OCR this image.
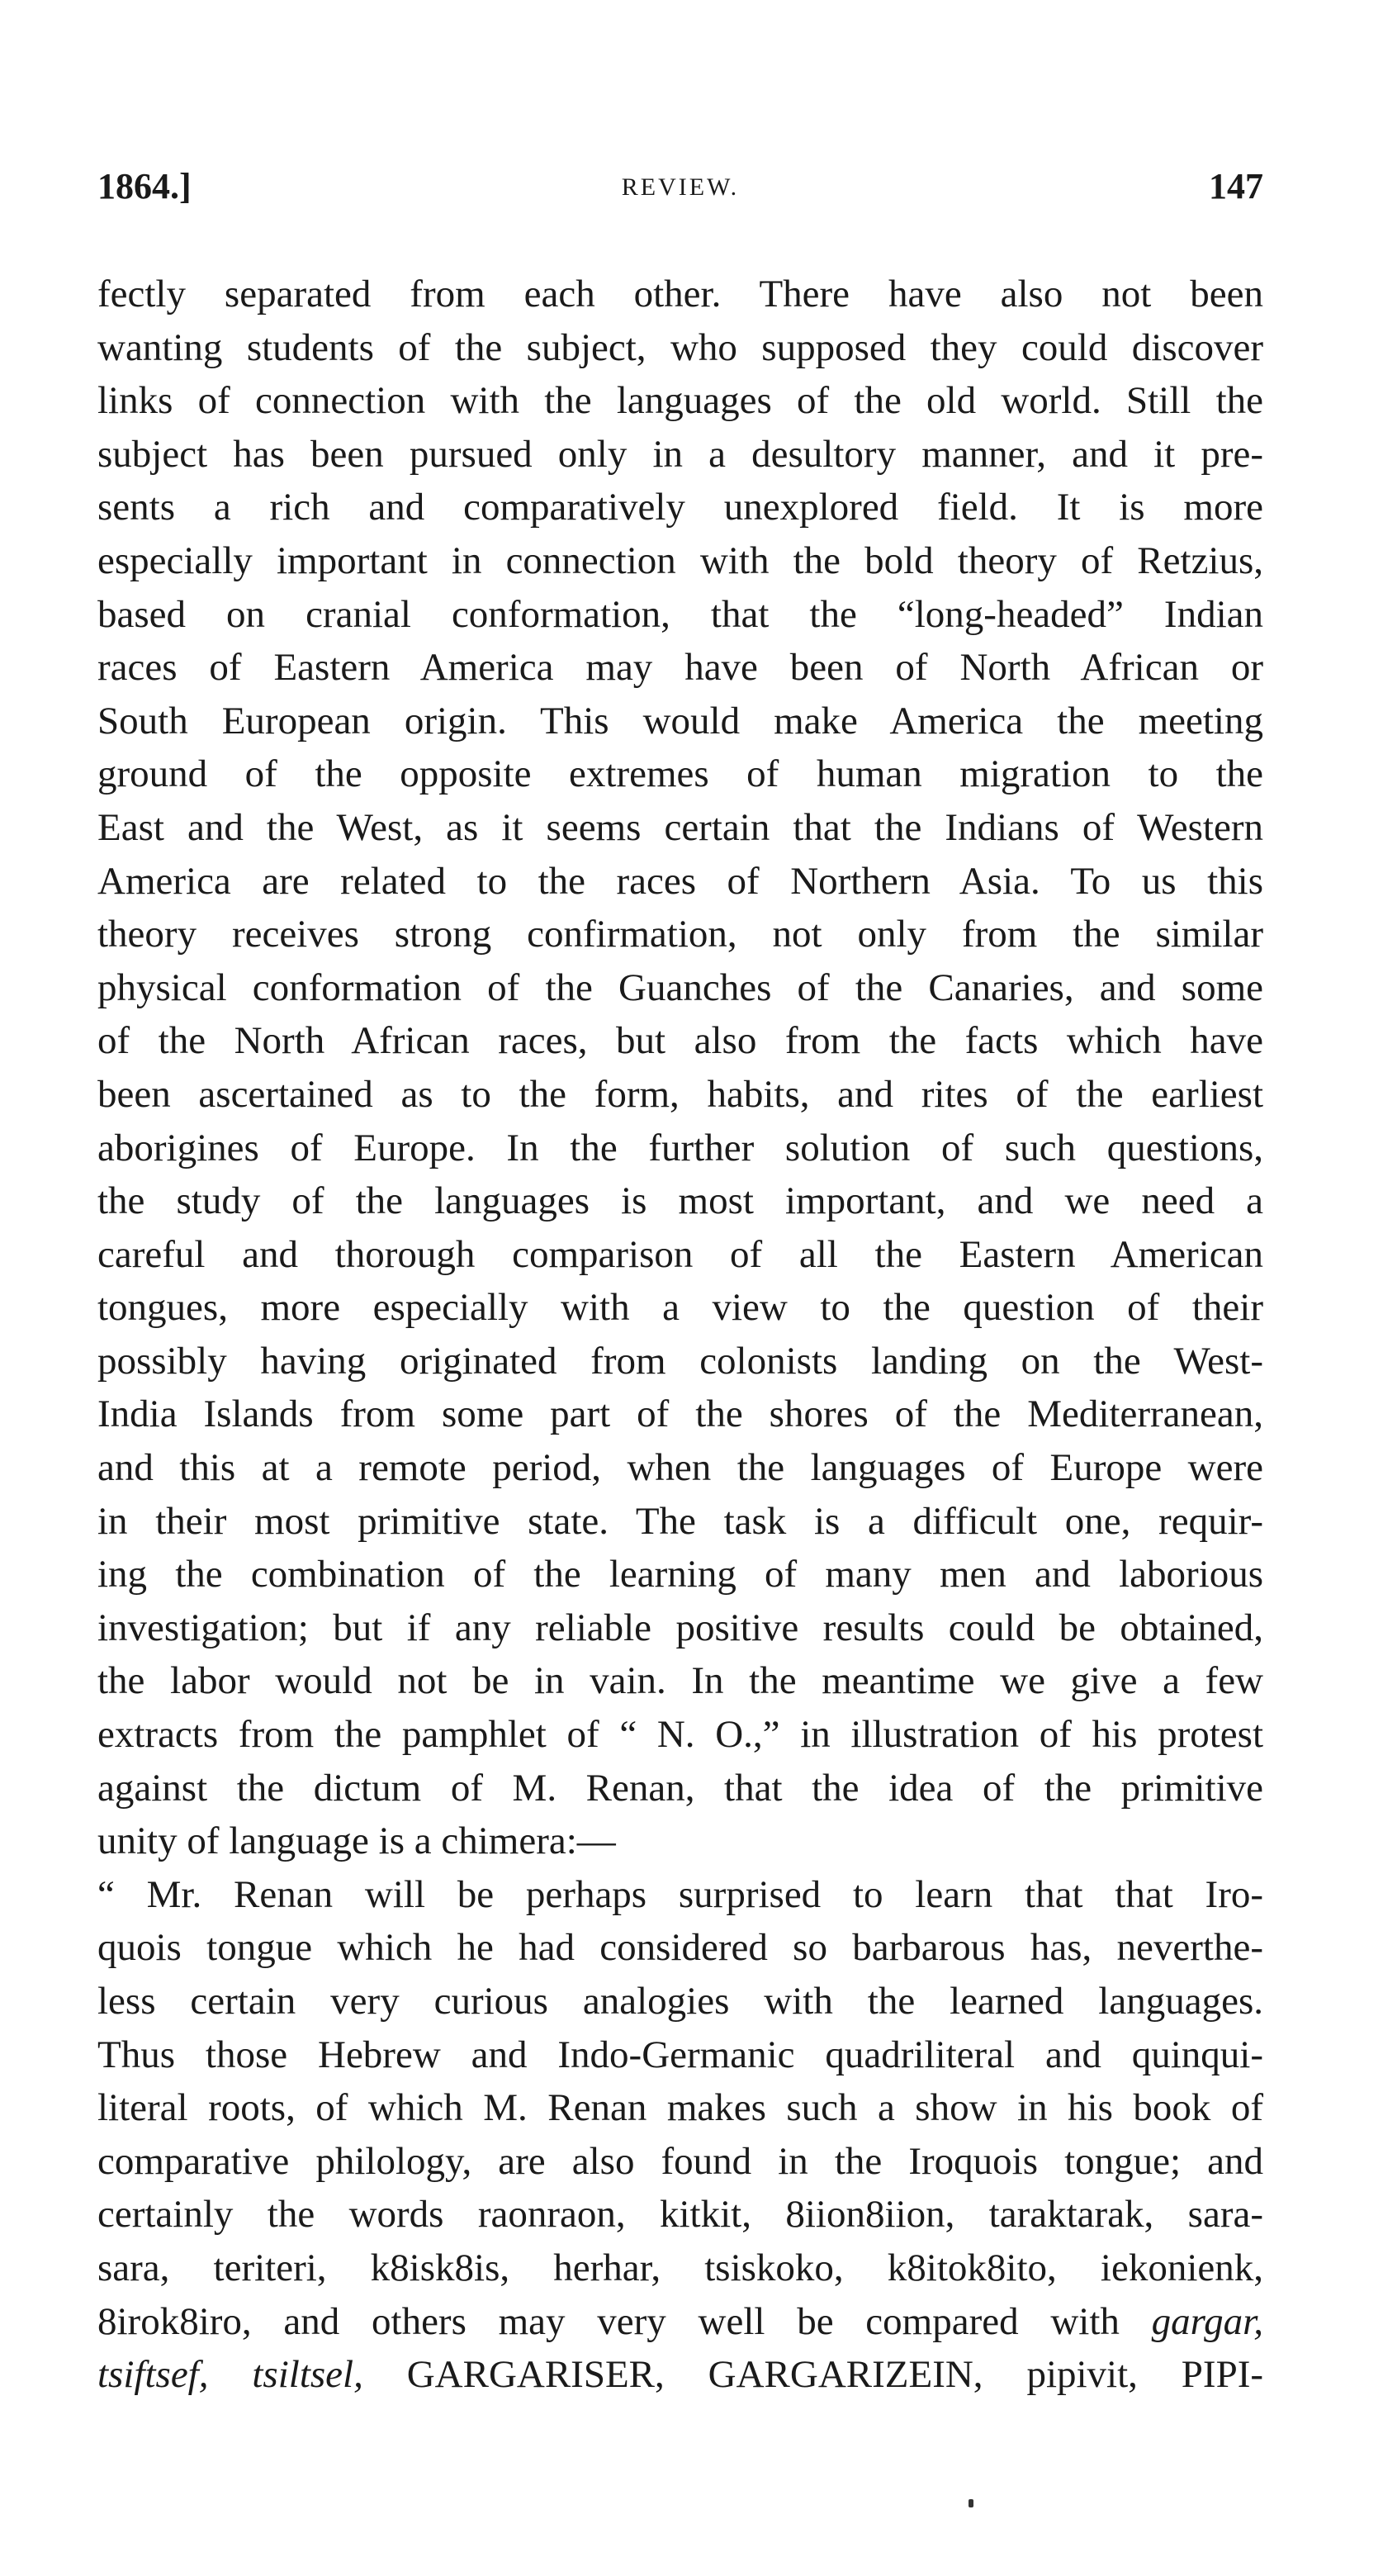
1864.]	REVIEW.	147
fectly separated from each other. There have also not been
wanting students of the subject, who supposed they could discover
links of connection with the languages of the old world. Still the
subject has been pursued only in a desultory manner, and it pre-
sents a rich and comparatively unexplored field. It is more
especially important in connection with the bold theory of Retzius,
based on cranial conformation, that the “long-headed” Indian
races of Eastern America may have been of North African or
South European origin. This would make America the meeting
ground of the opposite extremes of human migration to the
East and the West, as it seems certain that the Indians of Western
America are related to the races of Northern Asia. To us this
theory receives strong confirmation, not only from the similar
physical conformation of the Guanches of the Canaries, and some
of the North African races, but also from the facts which have
been ascertained as to the form, habits, and rites of the earliest
aborigines of Europe. In the further solution of such questions,
the study of the languages is most important, and we need a
careful and thorough comparison of all the Eastern American
tongues, more especially with a view to the question of their
possibly having originated from colonists landing on the West-
India Islands from some part of the shores of the Mediterranean,
and this at a remote period, when the languages of Europe were
in their most primitive state. The task is a difficult one, requir-
ing the combination of the learning of many men and laborious
investigation; but if any reliable positive results could be obtained,
the labor would not be in vain. In the meantime we give a few
extracts from the pamphlet of “ N. O.,” in illustration of his protest
against the dictum of M. Renan, that the idea of the primitive
unity of language is a chimera:—
“ Mr. Renan will be perhaps surprised to learn that that Iro-
quois tongue which he had considered so barbarous has, neverthe-
less certain very curious analogies with the learned languages.
Thus those Hebrew and Indo-Germanic quadriliteral and quinqui-
literal roots, of which M. Renan makes such a show in his book of
comparative philology, are also found in the Iroquois tongue; and
certainly the words raonraon, kitkit, 8iion8iion, taraktarak, sara-
sara, teriteri, k8isk8is, herhar, tsiskoko, k8itok8ito, iekonienk,
8irok8iro, and others may very well be compared with gargar,
tsiftsef, tsiltsel, GARGARISER, GARGARIZEIN, pipivit, PIPI-
